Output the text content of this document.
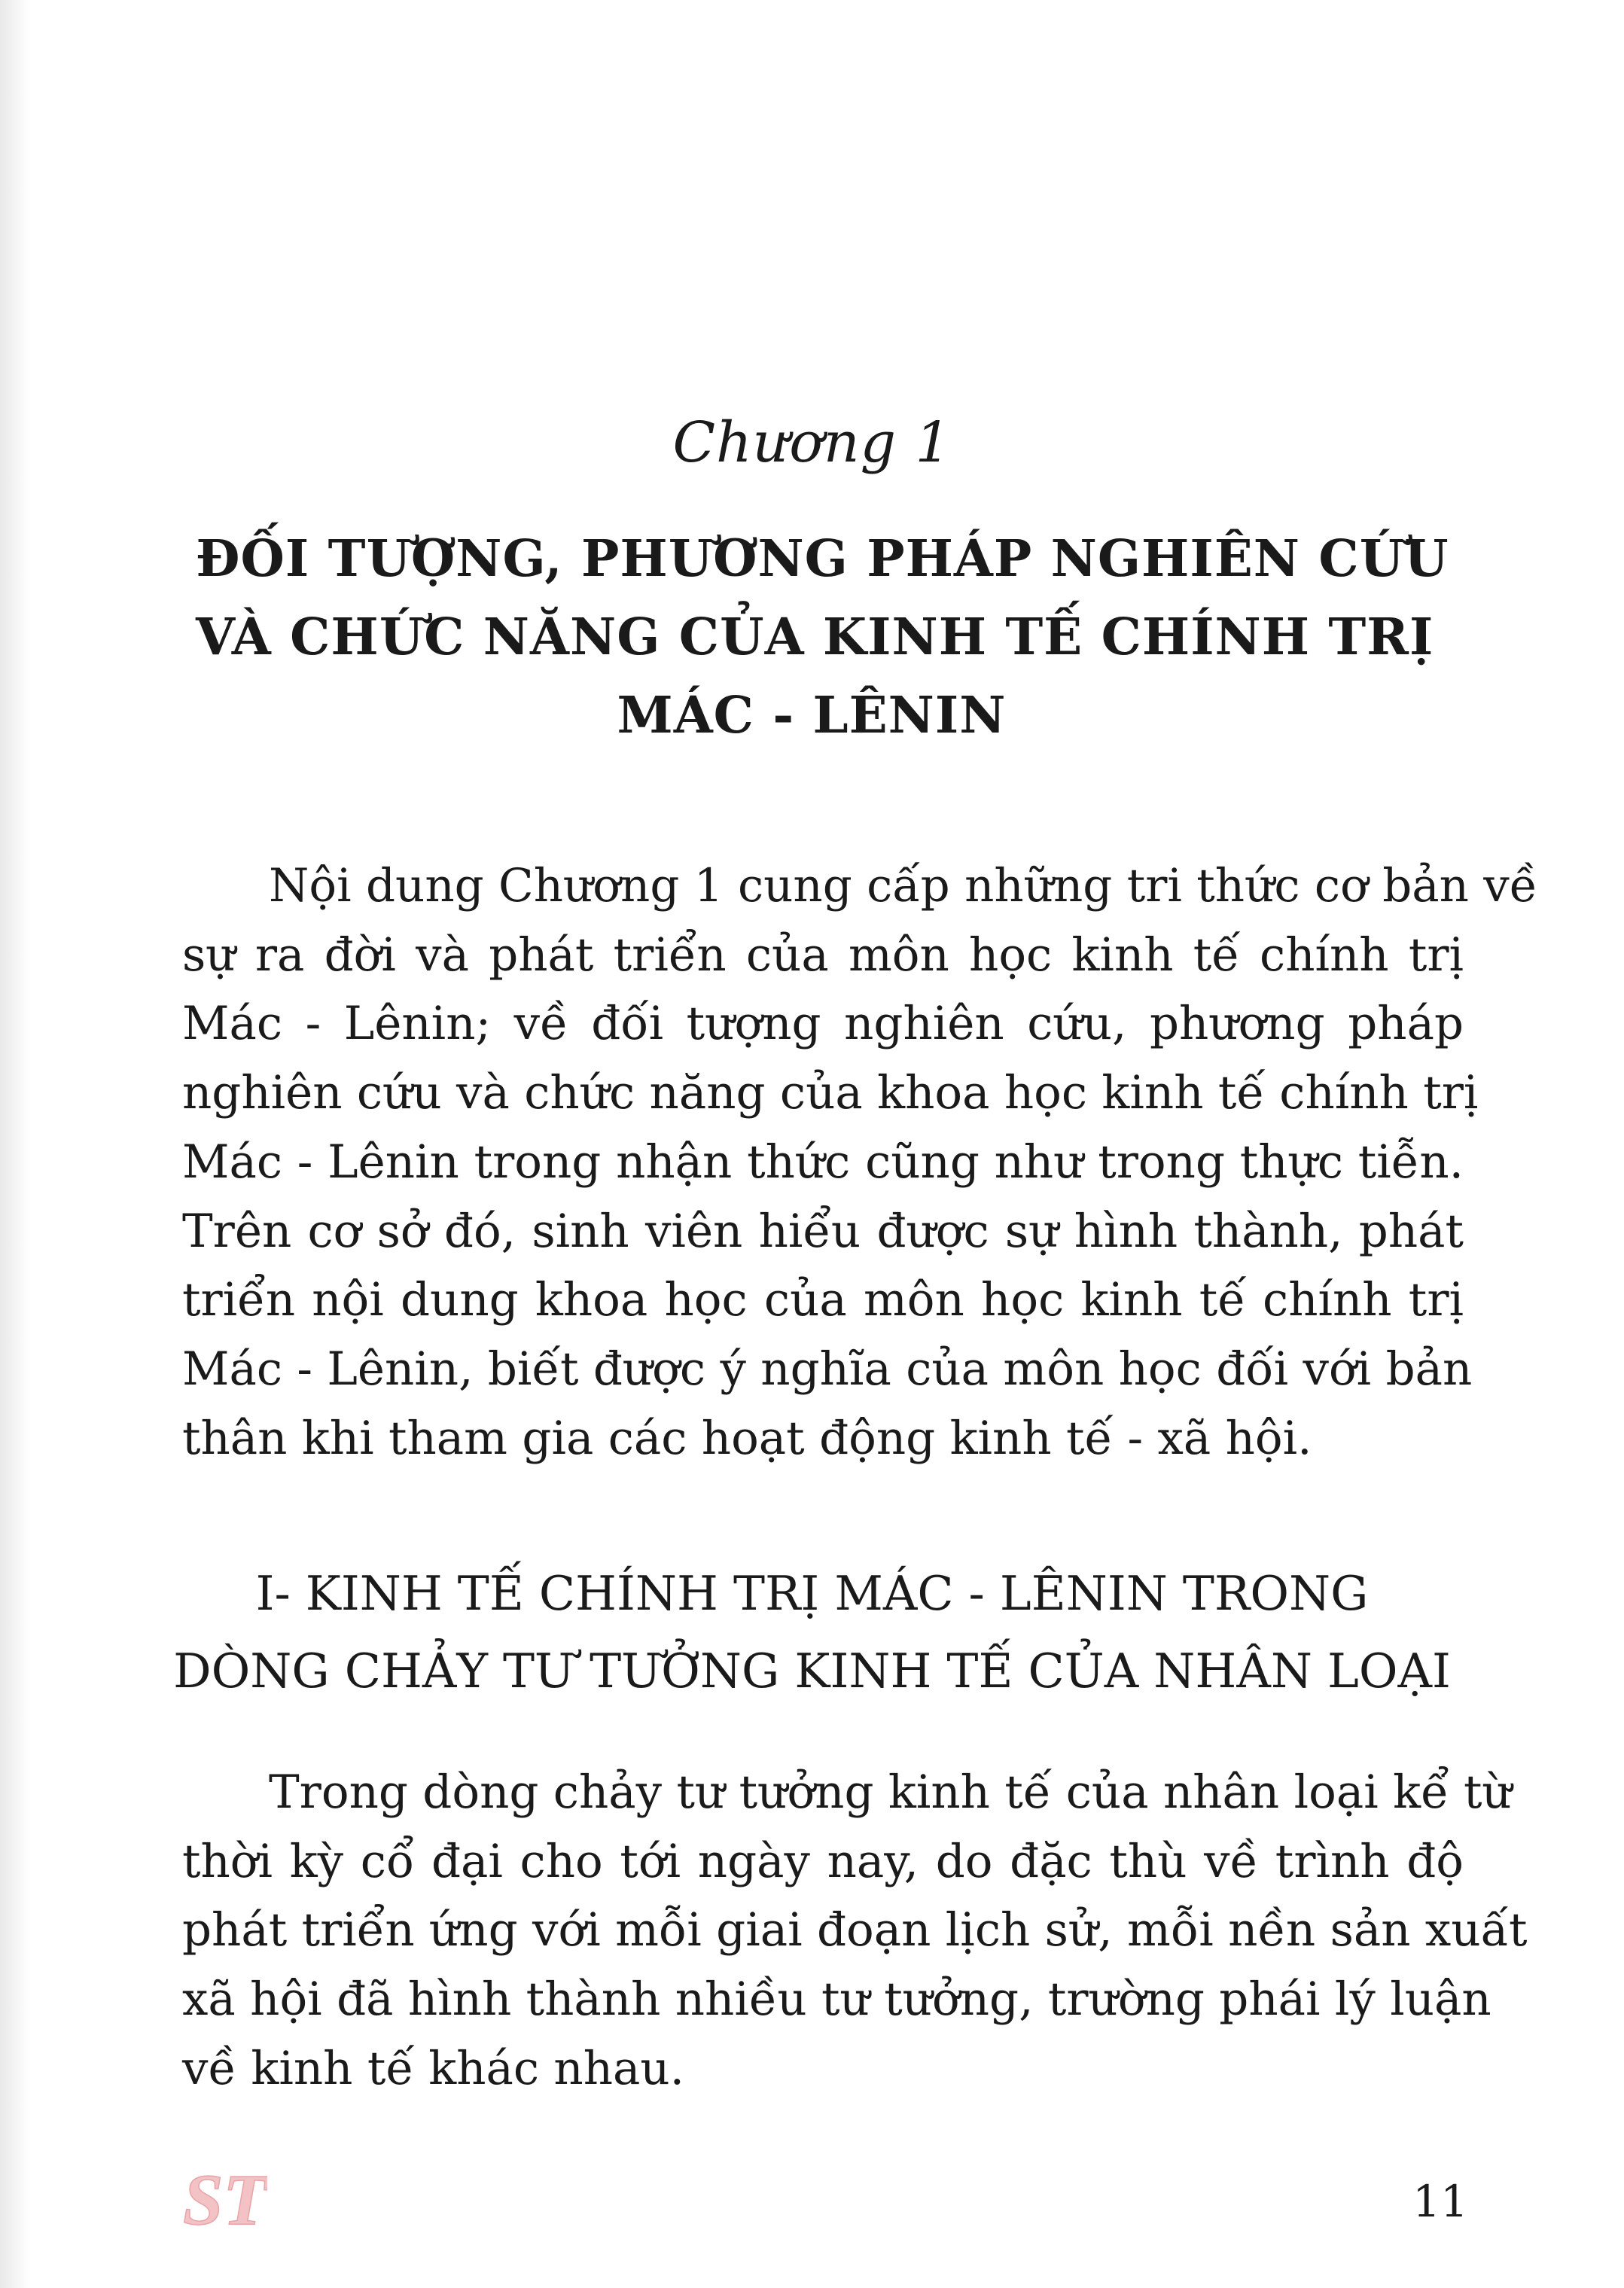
Chương 1
ĐỐI TƯỢNG, PHƯƠNG PHÁP NGHIÊN CỨU
VÀ CHỨC NĂNG CỦA KINH TẾ CHÍNH TRỊ
MÁC - LÊNIN
Nội dung Chương 1 cung cấp những tri thức cơ bản về
sự ra đời và phát triển của môn học kinh tế chính trị
Mác - Lênin; về đối tượng nghiên cứu, phương pháp
nghiên cứu và chức năng của khoa học kinh tế chính trị
Mác - Lênin trong nhận thức cũng như trong thực tiễn.
Trên cơ sở đó, sinh viên hiểu được sự hình thành, phát
triển nội dung khoa học của môn học kinh tế chính trị
Mác - Lênin, biết được ý nghĩa của môn học đối với bản
thân khi tham gia các hoạt động kinh tế - xã hội.
I- KINH TẾ CHÍNH TRỊ MÁC - LÊNIN TRONG
DÒNG CHẢY TƯ TƯỞNG KINH TẾ CỦA NHÂN LOẠI
Trong dòng chảy tư tưởng kinh tế của nhân loại kể từ
thời kỳ cổ đại cho tới ngày nay, do đặc thù về trình độ
phát triển ứng với mỗi giai đoạn lịch sử, mỗi nền sản xuất
xã hội đã hình thành nhiều tư tưởng, trường phái lý luận
về kinh tế khác nhau.
ST	11
